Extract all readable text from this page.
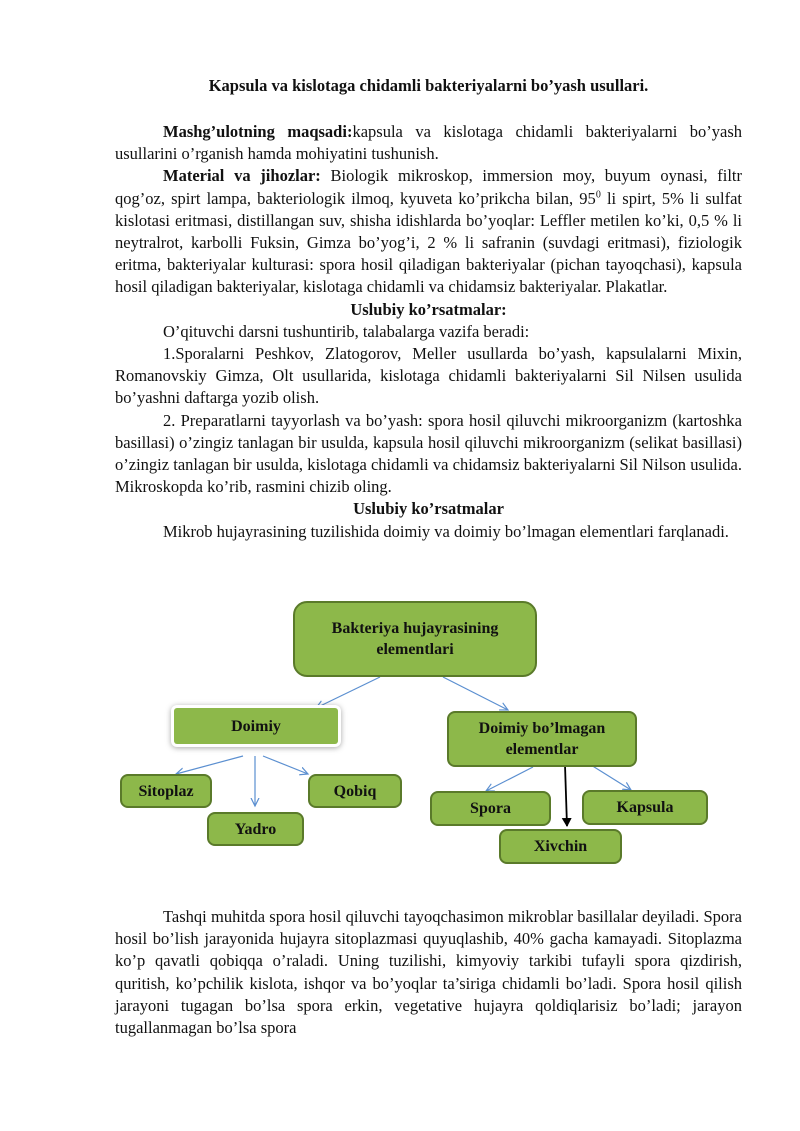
Kapsula va kislotaga chidamli bakteriyalarni bo’yash usullari.

Mashg’ulotning maqsadi:kapsula va kislotaga chidamli bakteriyalarni bo’yash usullarini o’rganish hamda mohiyatini tushunish.

Material va jihozlar: Biologik mikroskop, immersion moy, buyum oynasi, filtr qog’oz, spirt lampa, bakteriologik ilmoq, kyuveta ko’prikcha bilan, $95^0$ li spirt, 5% li sulfat kislotasi eritmasi, distillangan suv, shisha idishlarda bo’yoqlar: Leffler metilen ko’ki, 0,5 % li neytralrot, karbolli Fuksin, Gimza bo’yog’i, 2 % li safranin (suvdagi eritmasi), fiziologik eritma, bakteriyalar kulturasi: spora hosil qiladigan bakteriyalar (pichan tayoqchasi), kapsula hosil qiladigan bakteriyalar, kislotaga chidamli va chidamsiz bakteriyalar. Plakatlar.

Uslubiy ko’rsatmalar:

O’qituvchi darsni tushuntirib, talabalarga vazifa beradi:

1.Sporalarni Peshkov, Zlatogorov, Meller usullarda bo’yash, kapsulalarni Mixin, Romanovskiy Gimza, Olt usullarida, kislotaga chidamli bakteriyalarni Sil Nilsen usulida bo’yashni daftarga yozib olish.

2. Preparatlarni tayyorlash va bo’yash: spora hosil qiluvchi mikroorganizm (kartoshka basillasi) o’zingiz tanlagan bir usulda, kapsula hosil qiluvchi mikroorganizm (selikat basillasi) o’zingiz tanlagan bir usulda, kislotaga chidamli va chidamsiz bakteriyalarni Sil Nilson usulida. Mikroskopda ko’rib, rasmini chizib oling.

Uslubiy ko’rsatmalar

Mikrob hujayrasining tuzilishida doimiy va doimiy bo’lmagan elementlari farqlanadi.

Tashqi muhitda spora hosil qiluvchi tayoqchasimon mikroblar basillalar deyiladi. Spora hosil bo’lish jarayonida hujayra sitoplazmasi quyuqlashib, 40% gacha kamayadi. Sitoplazma ko’p qavatli qobiqqa o’raladi. Uning tuzilishi, kimyoviy tarkibi tufayli spora qizdirish, quritish, ko’pchilik kislota, ishqor va bo’yoqlar ta’siriga chidamli bo’ladi. Spora hosil qilish jarayoni tugagan bo’lsa spora erkin, vegetative hujayra qoldiqlarisiz bo’ladi; jarayon tugallanmagan bo’lsa spora

Bakteriya hujayrasining elementlari
Doimiy	Doimiy bo’lmagan elementlar
Sitoplaz	Qobiq
Yadro
Spora	Kapsula
Xivchin
